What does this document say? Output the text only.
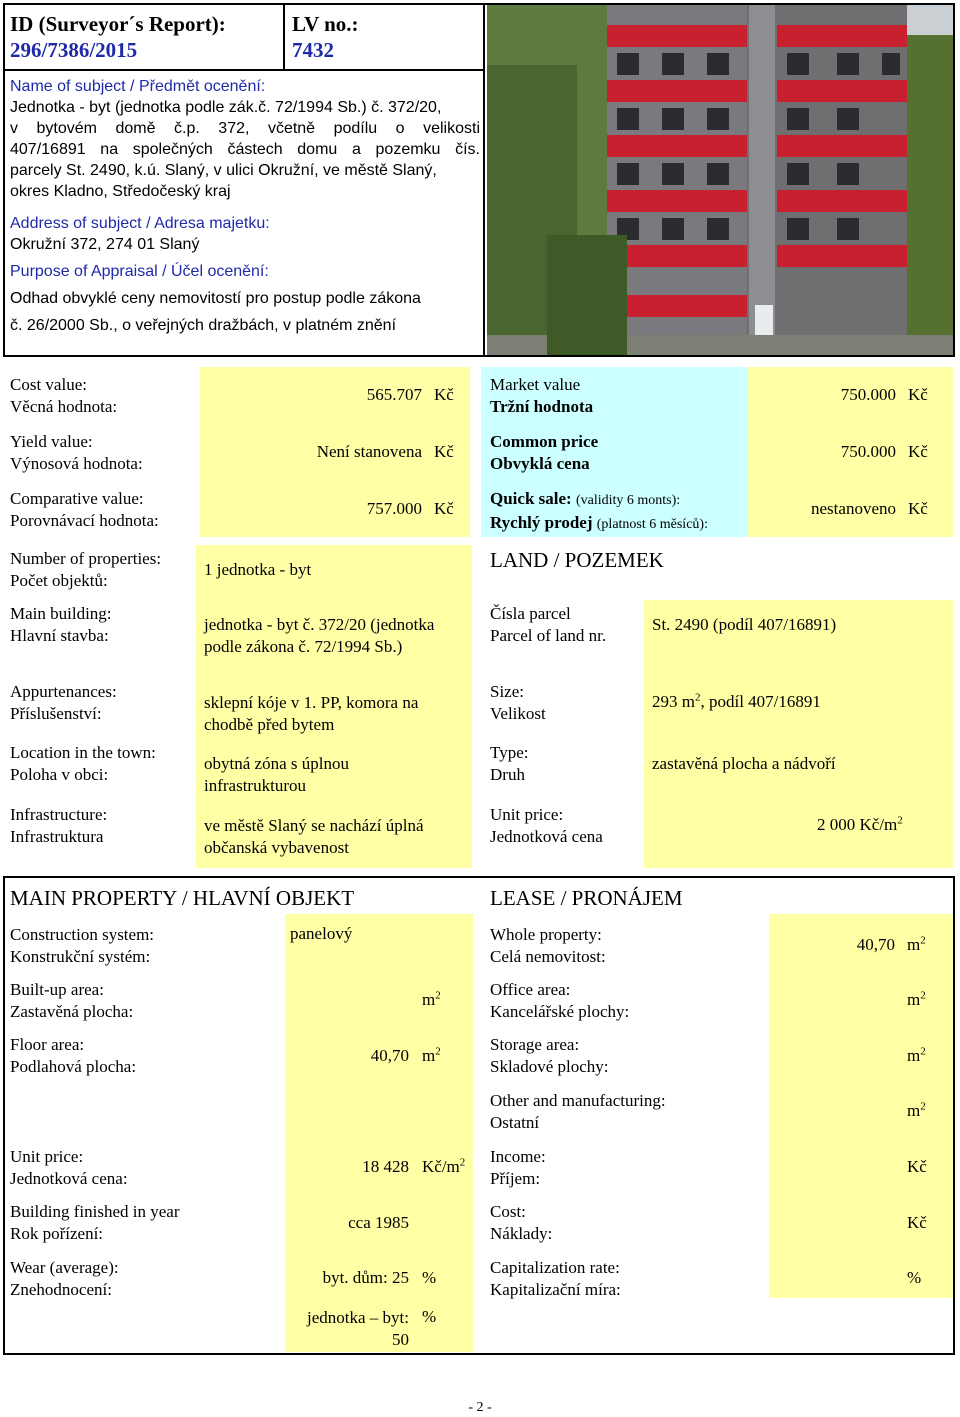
ID (Surveyor´s Report):
296/7386/2015
LV no.:
7432
Name of subject / Předmět ocenění:
Jednotka - byt (jednotka podle zák.č. 72/1994 Sb.) č. 372/20,
v bytovém domě č.p. 372, včetně podílu o velikosti
407/16891 na společných částech domu a pozemku čís.
parcely St. 2490, k.ú. Slaný, v ulici Okružní, ve městě Slaný,
okres Kladno, Středočeský kraj
Address of subject / Adresa majetku:
Okružní 372, 274 01 Slaný
Purpose of Appraisal / Účel ocenění:
Odhad obvyklé ceny nemovitostí pro postup podle zákona
č. 26/2000 Sb., o veřejných dražbách, v platném znění
Cost value:
Věcná hodnota:
Yield value:
Výnosová hodnota:
Comparative value:
Porovnávací hodnota:
565.707 Kč
Není stanovena Kč
757.000 Kč
Market value
Tržní hodnota
Common price
Obvyklá cena
Quick sale: (validity 6 monts):
Rychlý prodej (platnost 6 měsíců):
750.000 Kč
750.000 Kč
nestanoveno Kč
Number of properties:
Počet objektů:
1 jednotka - byt
Main building:
Hlavní stavba:
jednotka - byt č. 372/20 (jednotka
podle zákona č. 72/1994 Sb.)
Appurtenances:
Příslušenství:
sklepní kóje v 1. PP, komora na
chodbě před bytem
Location in the town:
Poloha v obci:
obytná zóna s úplnou
infrastrukturou
Infrastructure:
Infrastruktura
ve městě Slaný se nachází úplná
občanská vybavenost
LAND / POZEMEK
Čísla parcel
Parcel of land nr.
St. 2490 (podíl 407/16891)
Size:
Velikost
293 $m^2$, podíl 407/16891
Type:
Druh
zastavěná plocha a nádvoří
Unit price:
Jednotková cena
2 000 $Kč/m^2$
MAIN PROPERTY / HLAVNÍ OBJEKT	LEASE / PRONÁJEM
Construction system:
Konstrukční systém:
panelový
Built-up area:
Zastavěná plocha:
$m^2$
Floor area:
Podlahová plocha:
40,70 $m^2$
Unit price:
Jednotková cena:
18 428 $Kč/m^2$
Building finished in year
Rok pořízení:
cca 1985
Wear (average):
Znehodnocení:
byt. dům: 25 %
jednotka – byt:
50
%
Whole property:
Celá nemovitost:
40,70 $m^2$
Office area:
Kancelářské plochy:
$m^2$
Storage area:
Skladové plochy:
$m^2$
Other and manufacturing:
Ostatní
$m^2$
Income:
Příjem:
Kč
Cost:
Náklady:
Kč
Capitalization rate:
Kapitalizační míra:
%
- 2 -
